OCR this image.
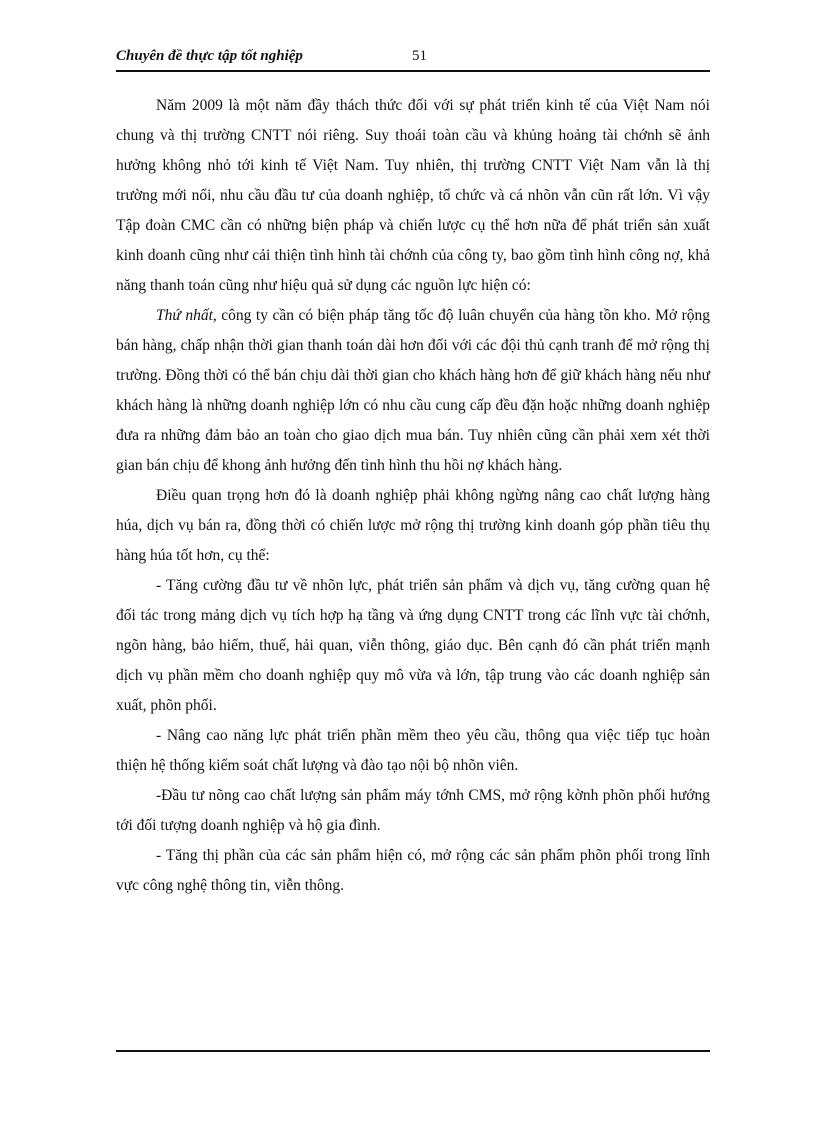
Chuyên đề thực tập tốt nghiệp	51

Năm 2009 là một năm đầy thách thức đối với sự phát triển kinh tế của Việt Nam nói chung và thị trường CNTT nói riêng. Suy thoái toàn cầu và khủng hoảng tài chớnh sẽ ảnh hưởng không nhỏ tới kinh tế Việt Nam. Tuy nhiên, thị trường CNTT Việt Nam vẫn là thị trường mới nổi, nhu cầu đầu tư của doanh nghiệp, tổ chức và cá nhõn vẫn cũn rất lớn. Vì vậy Tập đoàn CMC cần có những biện pháp và chiến lược cụ thể hơn nữa để phát triển sản xuất kinh doanh cũng như cải thiện tình hình tài chớnh của công ty, bao gồm tình hình công nợ, khả năng thanh toán cũng như hiệu quả sử dụng các nguồn lực hiện có:

Thứ nhất, công ty cần có biện pháp tăng tốc độ luân chuyển của hàng tồn kho. Mở rộng bán hàng, chấp nhận thời gian thanh toán dài hơn đối với các đội thủ cạnh tranh để mở rộng thị trường. Đồng thời có thể bán chịu dài thời gian cho khách hàng hơn để giữ khách hàng nếu như khách hàng là những doanh nghiệp lớn có nhu cầu cung cấp đều đặn hoặc những doanh nghiệp đưa ra những đảm bảo an toàn cho giao dịch mua bán. Tuy nhiên cũng cần phải xem xét thời gian bán chịu để khong ảnh hưởng đến tình hình thu hồi nợ khách hàng.

Điều quan trọng hơn đó là doanh nghiệp phải không ngừng nâng cao chất lượng hàng húa, dịch vụ bán ra, đồng thời có chiến lược mở rộng thị trường kinh doanh góp phần tiêu thụ hàng húa tốt hơn, cụ thể:

- Tăng cường đầu tư về nhõn lực, phát triển sản phẩm và dịch vụ, tăng cường quan hệ đối tác trong mảng dịch vụ tích hợp hạ tầng và ứng dụng CNTT trong các lĩnh vực tài chớnh, ngõn hàng, bảo hiểm, thuế, hải quan, viễn thông, giáo dục. Bên cạnh đó cần phát triển mạnh dịch vụ phần mềm cho doanh nghiệp quy mô vừa và lớn, tập trung vào các doanh nghiệp sản xuất, phõn phối.

- Nâng cao năng lực phát triển phần mềm theo yêu cầu, thông qua việc tiếp tục hoàn thiện hệ thống kiểm soát chất lượng và đào tạo nội bộ nhõn viên.

-Đầu tư nõng cao chất lượng sản phẩm máy tớnh CMS, mở rộng kờnh phõn phối hướng tới đối tượng doanh nghiệp và hộ gia đình.

- Tăng thị phần của các sản phẩm hiện có, mở rộng các sản phẩm phõn phối trong lĩnh vực công nghệ thông tin, viễn thông.
